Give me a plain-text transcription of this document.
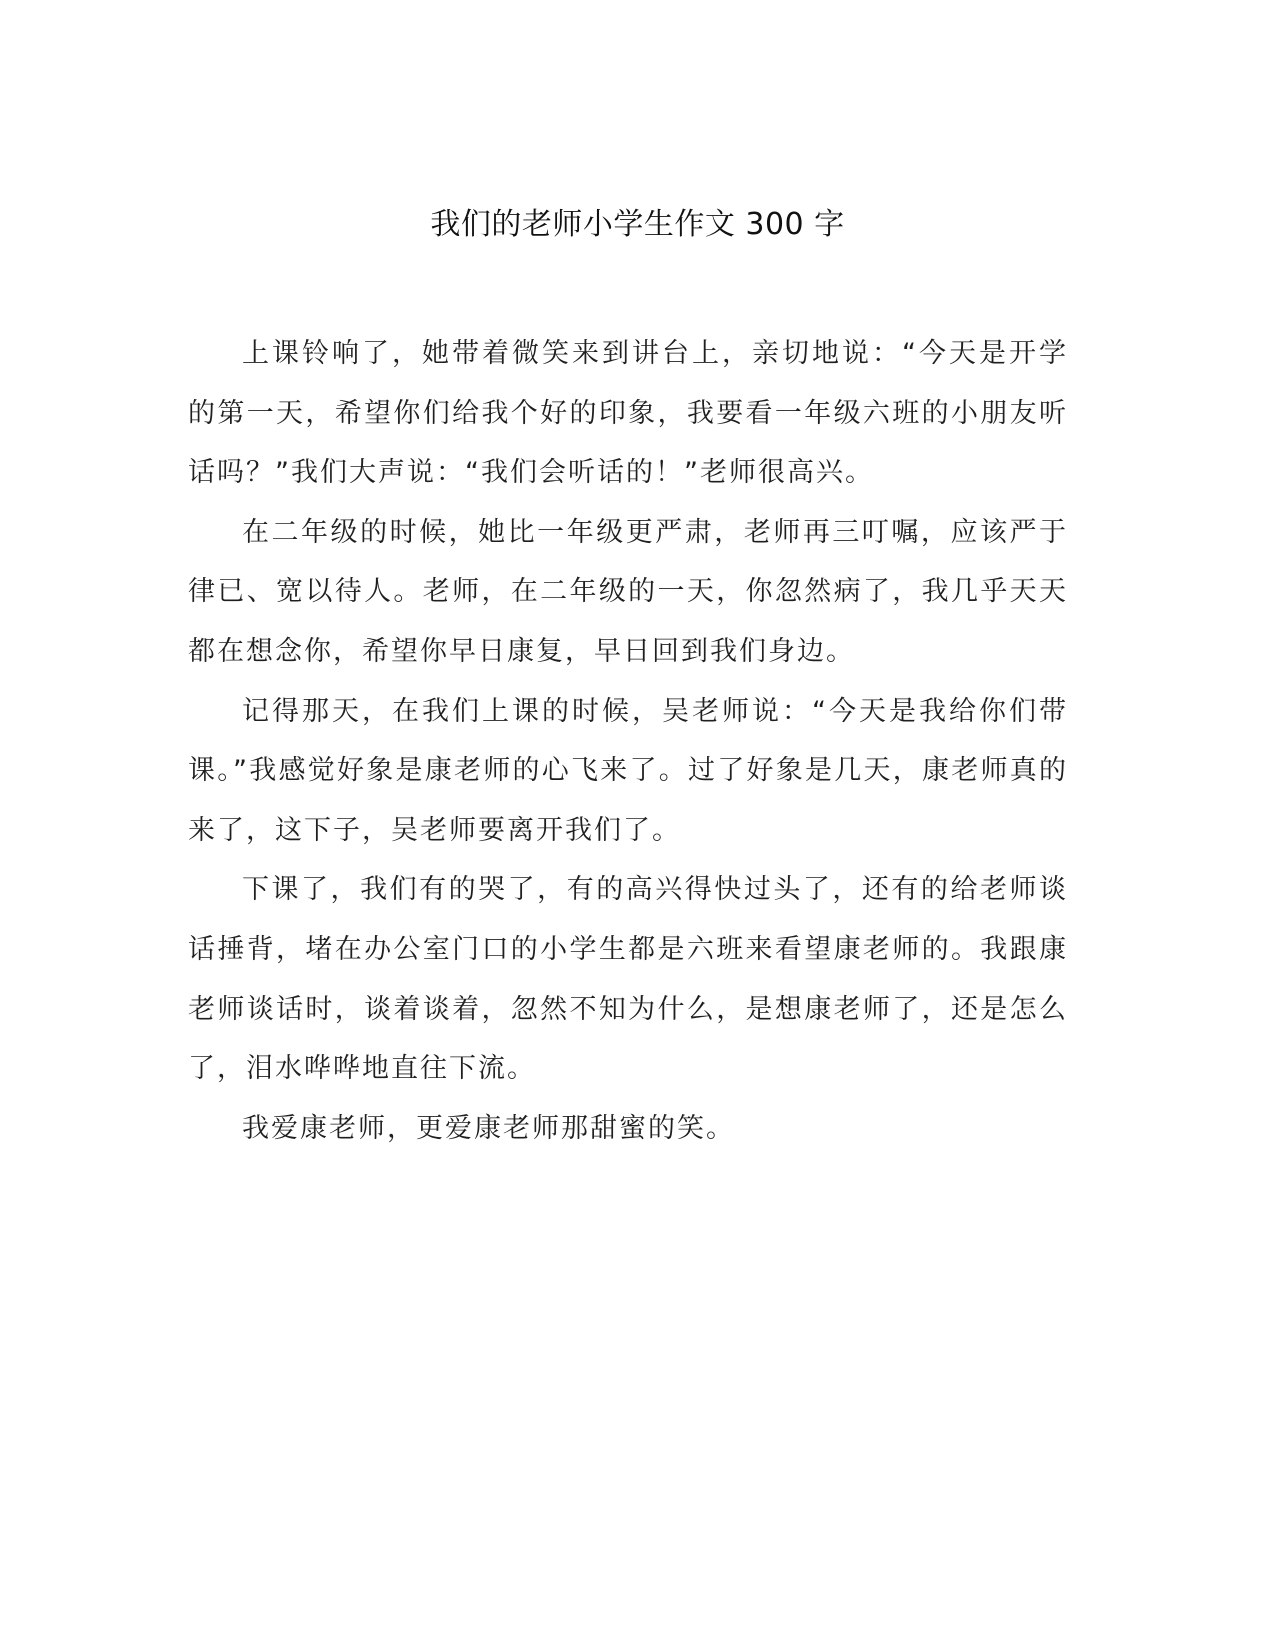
我们的老师小学生作文 300 字

上课铃响了，她带着微笑来到讲台上，亲切地说：“今天是开学的第一天，希望你们给我个好的印象，我要看一年级六班的小朋友听话吗？”我们大声说：“我们会听话的！”老师很高兴。

在二年级的时候，她比一年级更严肃，老师再三叮嘱，应该严于律已、宽以待人。老师，在二年级的一天，你忽然病了，我几乎天天都在想念你，希望你早日康复，早日回到我们身边。

记得那天，在我们上课的时候，吴老师说：“今天是我给你们带课。”我感觉好象是康老师的心飞来了。过了好象是几天，康老师真的来了，这下子，吴老师要离开我们了。

下课了，我们有的哭了，有的高兴得快过头了，还有的给老师谈话捶背，堵在办公室门口的小学生都是六班来看望康老师的。我跟康老师谈话时，谈着谈着，忽然不知为什么，是想康老师了，还是怎么了，泪水哗哗地直往下流。

我爱康老师，更爱康老师那甜蜜的笑。
